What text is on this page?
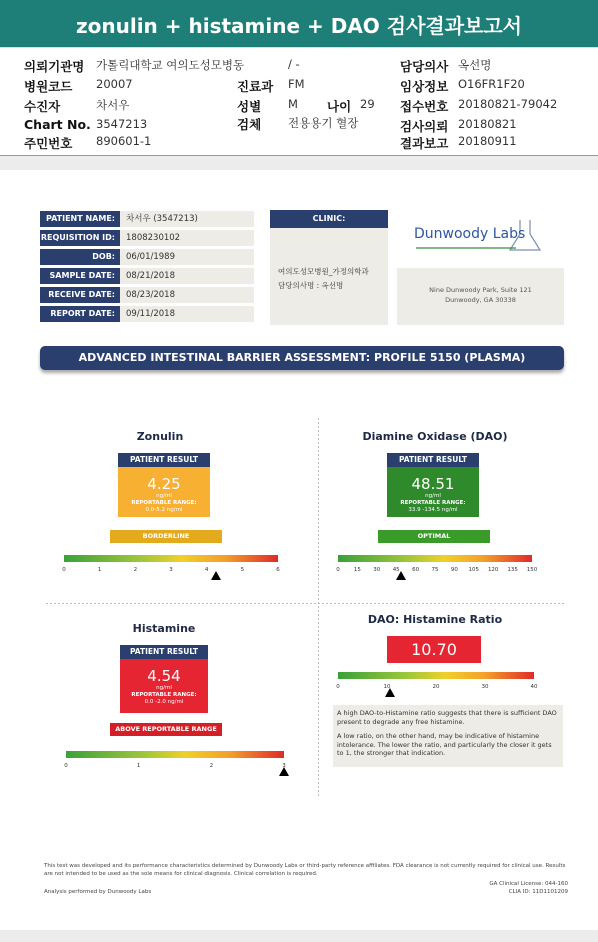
zonulin + histamine + DAO 검사결과보고서
의뢰기관명 가톨릭대학교 여의도성모병동	/ -	담당의사 옥선명
병원코드 20007	진료과 FM	임상정보 O16FR1F20
수진자	차서우	성별 M 나이 29 접수번호 20180821-79042
Chart No. 3547213	검체 전용용기 혈장	검사의뢰 20180821
주민번호 890601-1	결과보고 20180911
PATIENT NAME:	차서우 (3547213)
REQUISITION ID:	1808230102
DOB:	06/01/1989
SAMPLE DATE:	08/21/2018
RECEIVE DATE:	08/23/2018
REPORT DATE:	09/11/2018
CLINIC:
여의도성모병원_가정의학과
담당의사명 : 옥선명
Dunwoody Labs
Nine Dunwoody Park, Suite 121
Dunwoody, GA 30338
ADVANCED INTESTINAL BARRIER ASSESSMENT: PROFILE 5150 (PLASMA)
Zonulin
PATIENT RESULT
4.25
ng/ml
REPORTABLE RANGE:
0.0-5.2 ng/ml
BORDERLINE
0	1	2	3	4	5	6
Diamine Oxidase (DAO)
PATIENT RESULT
48.51
ng/ml
REPORTABLE RANGE:
33.9 -134.5 ng/ml
OPTIMAL
0	15 30 45 60 75 90 105 120 135 150
Histamine
PATIENT RESULT
4.54
ng/ml
REPORTABLE RANGE:
0.0 -2.0 ng/ml
ABOVE REPORTABLE RANGE
0	1	2	3
DAO: Histamine Ratio
10.70
0	10	20	30	40
A high DAO-to-Histamine ratio suggests that there is sufficient DAO present to degrade any free histamine.
A low ratio, on the other hand, may be indicative of histamine intolerance. The lower the ratio, and particularly the closer it gets to 1, the stronger that indication.
This test was developed and its performance characteristics determined by Dunwoody Labs or third-party reference affiliates. FDA clearance is not currently required for clinical use. Results are not intended to be used as the sole means for clinical diagnosis. Clinical correlation is required.
Analysis performed by Dunwoody Labs
GA Clinical License: 044-160
CLIA ID: 11D1101209
